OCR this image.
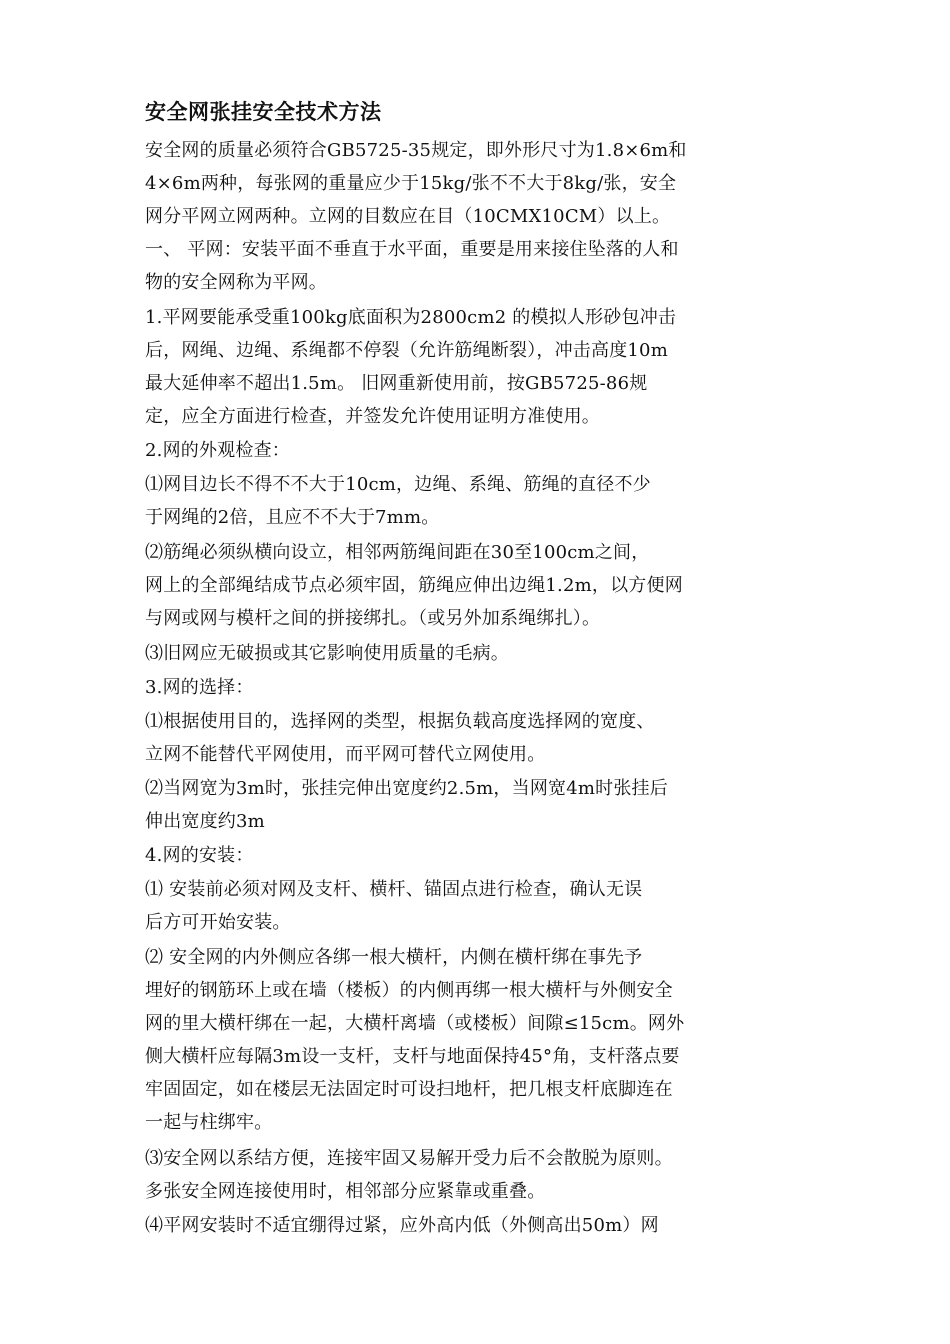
安全网张挂安全技术方法
安全网的质量必须符合GB5725-35规定，即外形尺寸为1.8×6m和
4×6m两种，每张网的重量应少于15kg/张不不大于8kg/张，安全
网分平网立网两种。立网的目数应在目（10CMX10CM）以上。
一、 平网：安装平面不垂直于水平面，重要是用来接住坠落的人和
物的安全网称为平网。
1.平网要能承受重100kg底面积为2800cm2 的模拟人形砂包冲击
后，网绳、边绳、系绳都不停裂（允许筋绳断裂），冲击高度10m
最大延伸率不超出1.5m。 旧网重新使用前，按GB5725-86规
定，应全方面进行检查，并签发允许使用证明方准使用。
2.网的外观检查：
⑴网目边长不得不不大于10cm，边绳、系绳、筋绳的直径不少
于网绳的2倍，且应不不大于7mm。
⑵筋绳必须纵横向设立，相邻两筋绳间距在30至100cm之间，
网上的全部绳结成节点必须牢固，筋绳应伸出边绳1.2m，以方便网
与网或网与模杆之间的拼接绑扎。（或另外加系绳绑扎）。
⑶旧网应无破损或其它影响使用质量的毛病。
3.网的选择：
⑴根据使用目的，选择网的类型，根据负载高度选择网的宽度、
立网不能替代平网使用，而平网可替代立网使用。
⑵当网宽为3m时，张挂完伸出宽度约2.5m，当网宽4m时张挂后
伸出宽度约3m
4.网的安装：
⑴ 安装前必须对网及支杆、横杆、锚固点进行检查，确认无误
后方可开始安装。
⑵ 安全网的内外侧应各绑一根大横杆，内侧在横杆绑在事先予
埋好的钢筋环上或在墙（楼板）的内侧再绑一根大横杆与外侧安全
网的里大横杆绑在一起，大横杆离墙（或楼板）间隙≤15cm。网外
侧大横杆应每隔3m设一支杆，支杆与地面保持45°角，支杆落点要
牢固固定，如在楼层无法固定时可设扫地杆，把几根支杆底脚连在
一起与柱绑牢。
⑶安全网以系结方便，连接牢固又易解开受力后不会散脱为原则。
多张安全网连接使用时，相邻部分应紧靠或重叠。
⑷平网安装时不适宜绷得过紧，应外高内低（外侧高出50m）网
